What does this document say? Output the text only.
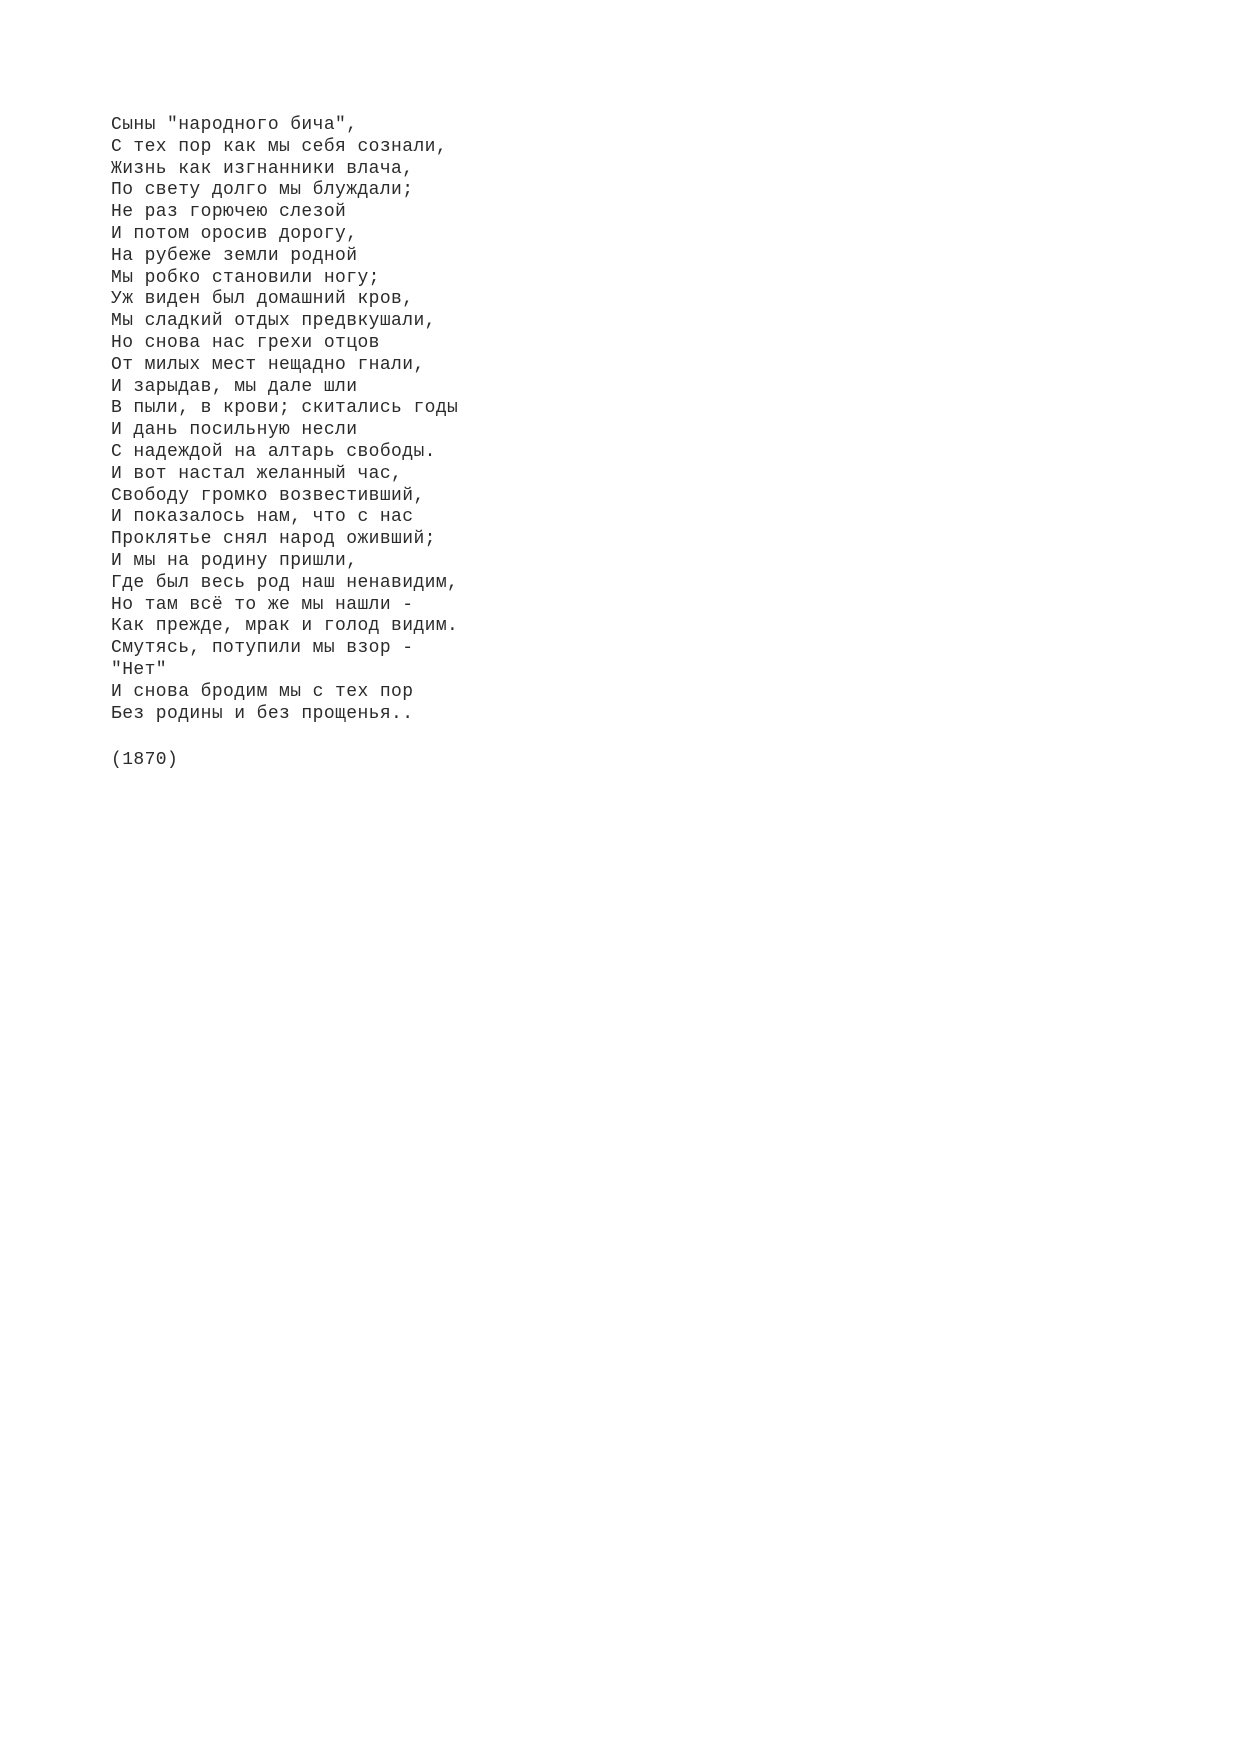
Сыны "народного бича",
С тех пор как мы себя сознали,
Жизнь как изгнанники влача,
По свету долго мы блуждали;
Не раз горючею слезой
И потом оросив дорогу,
На рубеже земли родной
Мы робко становили ногу;
Уж виден был домашний кров,
Мы сладкий отдых предвкушали,
Но снова нас грехи отцов
От милых мест нещадно гнали,
И зарыдав, мы дале шли
В пыли, в крови; скитались годы
И дань посильную несли
С надеждой на алтарь свободы.
И вот настал желанный час,
Свободу громко возвестивший,
И показалось нам, что с нас
Проклятье снял народ оживший;
И мы на родину пришли,
Где был весь род наш ненавидим,
Но там всё то же мы нашли -
Как прежде, мрак и голод видим.
Смутясь, потупили мы взор -
"Нет"
И снова бродим мы с тех пор
Без родины и без прощенья..
(1870)
